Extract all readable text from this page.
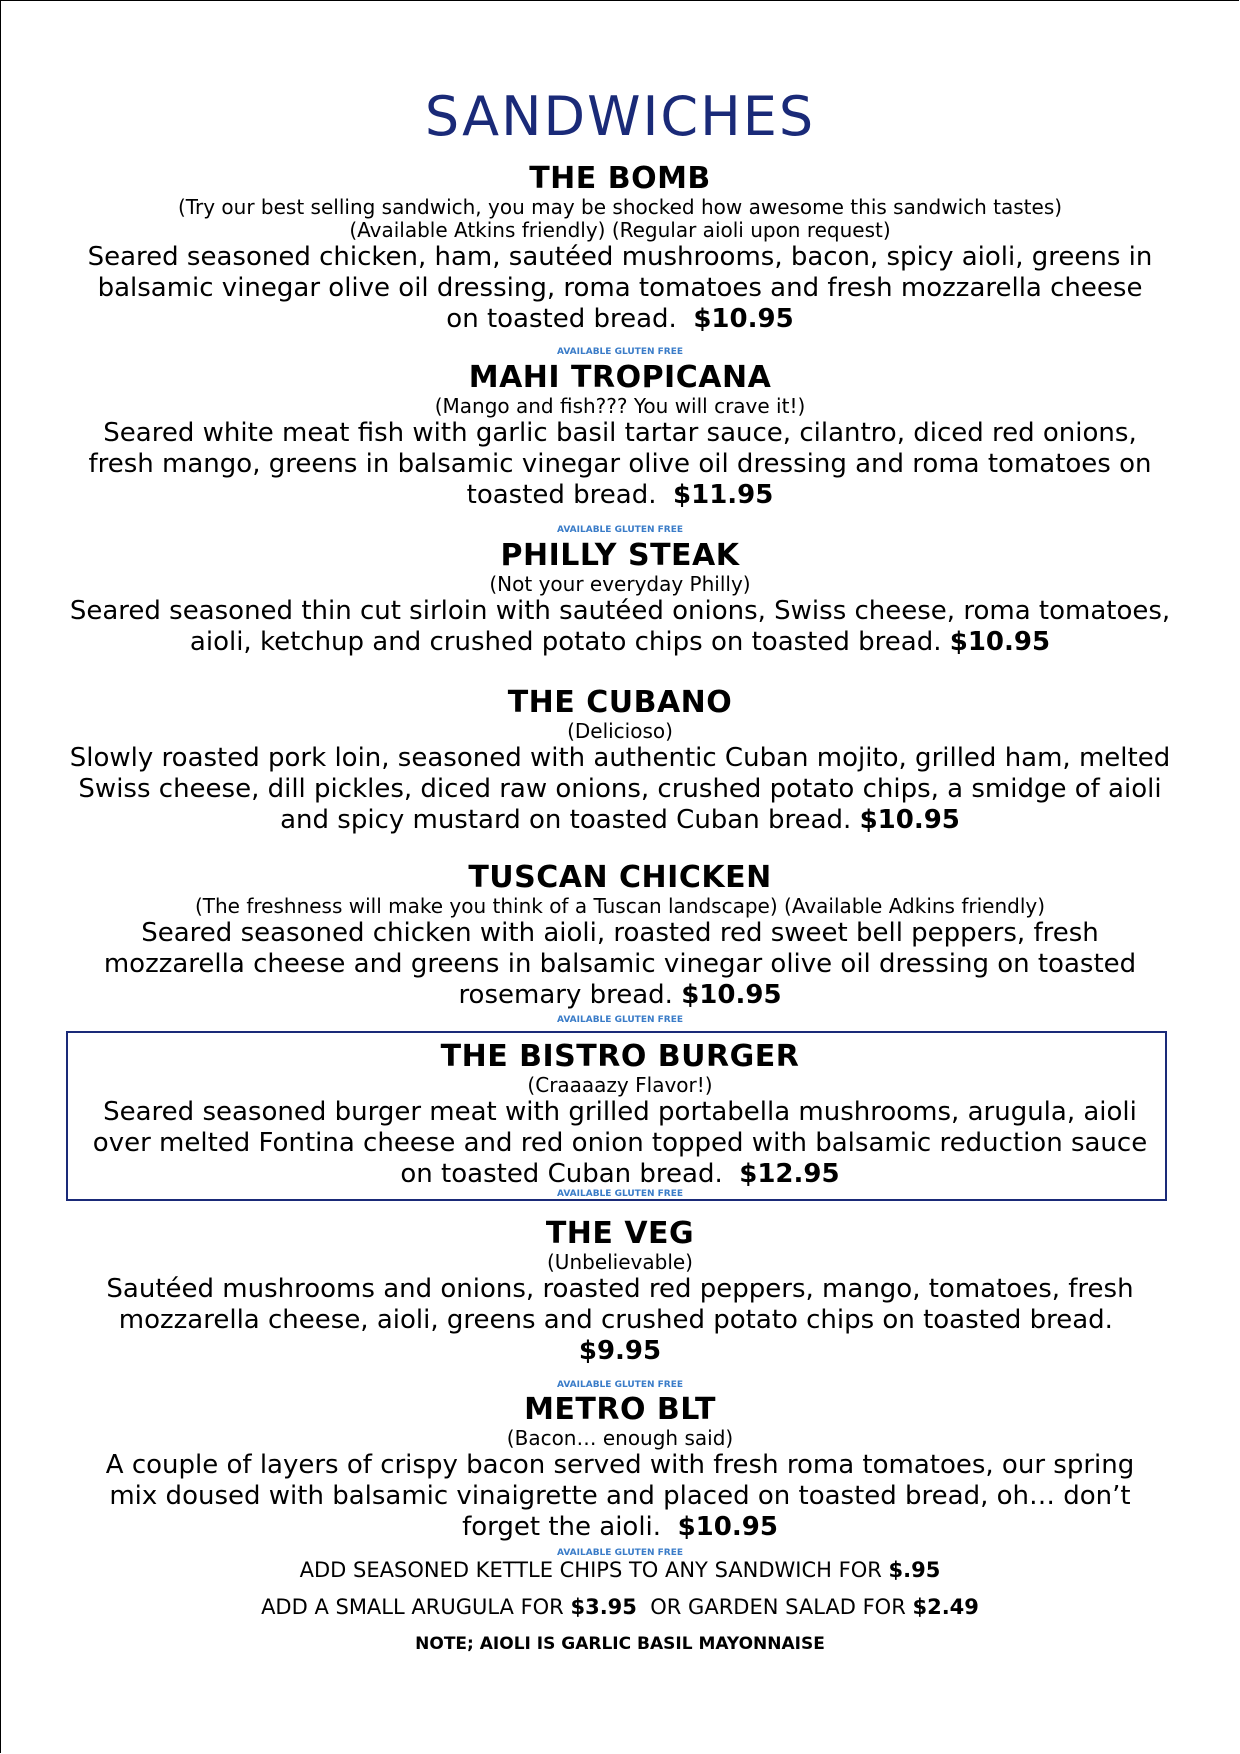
SANDWICHES
THE BOMB
(Try our best selling sandwich, you may be shocked how awesome this sandwich tastes)
(Available Atkins friendly) (Regular aioli upon request)
Seared seasoned chicken, ham, sautéed mushrooms, bacon, spicy aioli, greens in balsamic vinegar olive oil dressing, roma tomatoes and fresh mozzarella cheese on toasted bread. $10.95
AVAILABLE GLUTEN FREE
MAHI TROPICANA
(Mango and fish??? You will crave it!)
Seared white meat fish with garlic basil tartar sauce, cilantro, diced red onions, fresh mango, greens in balsamic vinegar olive oil dressing and roma tomatoes on toasted bread. $11.95
AVAILABLE GLUTEN FREE
PHILLY STEAK
(Not your everyday Philly)
Seared seasoned thin cut sirloin with sautéed onions, Swiss cheese, roma tomatoes, aioli, ketchup and crushed potato chips on toasted bread. $10.95
THE CUBANO
(Delicioso)
Slowly roasted pork loin, seasoned with authentic Cuban mojito, grilled ham, melted Swiss cheese, dill pickles, diced raw onions, crushed potato chips, a smidge of aioli and spicy mustard on toasted Cuban bread. $10.95
TUSCAN CHICKEN
(The freshness will make you think of a Tuscan landscape) (Available Adkins friendly)
Seared seasoned chicken with aioli, roasted red sweet bell peppers, fresh mozzarella cheese and greens in balsamic vinegar olive oil dressing on toasted rosemary bread. $10.95
AVAILABLE GLUTEN FREE
THE BISTRO BURGER
(Craaaazy Flavor!)
Seared seasoned burger meat with grilled portabella mushrooms, arugula, aioli over melted Fontina cheese and red onion topped with balsamic reduction sauce on toasted Cuban bread. $12.95
AVAILABLE GLUTEN FREE
THE VEG
(Unbelievable)
Sautéed mushrooms and onions, roasted red peppers, mango, tomatoes, fresh mozzarella cheese, aioli, greens and crushed potato chips on toasted bread.  $9.95
AVAILABLE GLUTEN FREE
METRO BLT
(Bacon… enough said)
A couple of layers of crispy bacon served with fresh roma tomatoes, our spring mix doused with balsamic vinaigrette and placed on toasted bread, oh… don’t forget the aioli. $10.95
AVAILABLE GLUTEN FREE
ADD SEASONED KETTLE CHIPS TO ANY SANDWICH FOR $.95
ADD A SMALL ARUGULA FOR $3.95 OR GARDEN SALAD FOR $2.49
NOTE; AIOLI IS GARLIC BASIL MAYONNAISE
